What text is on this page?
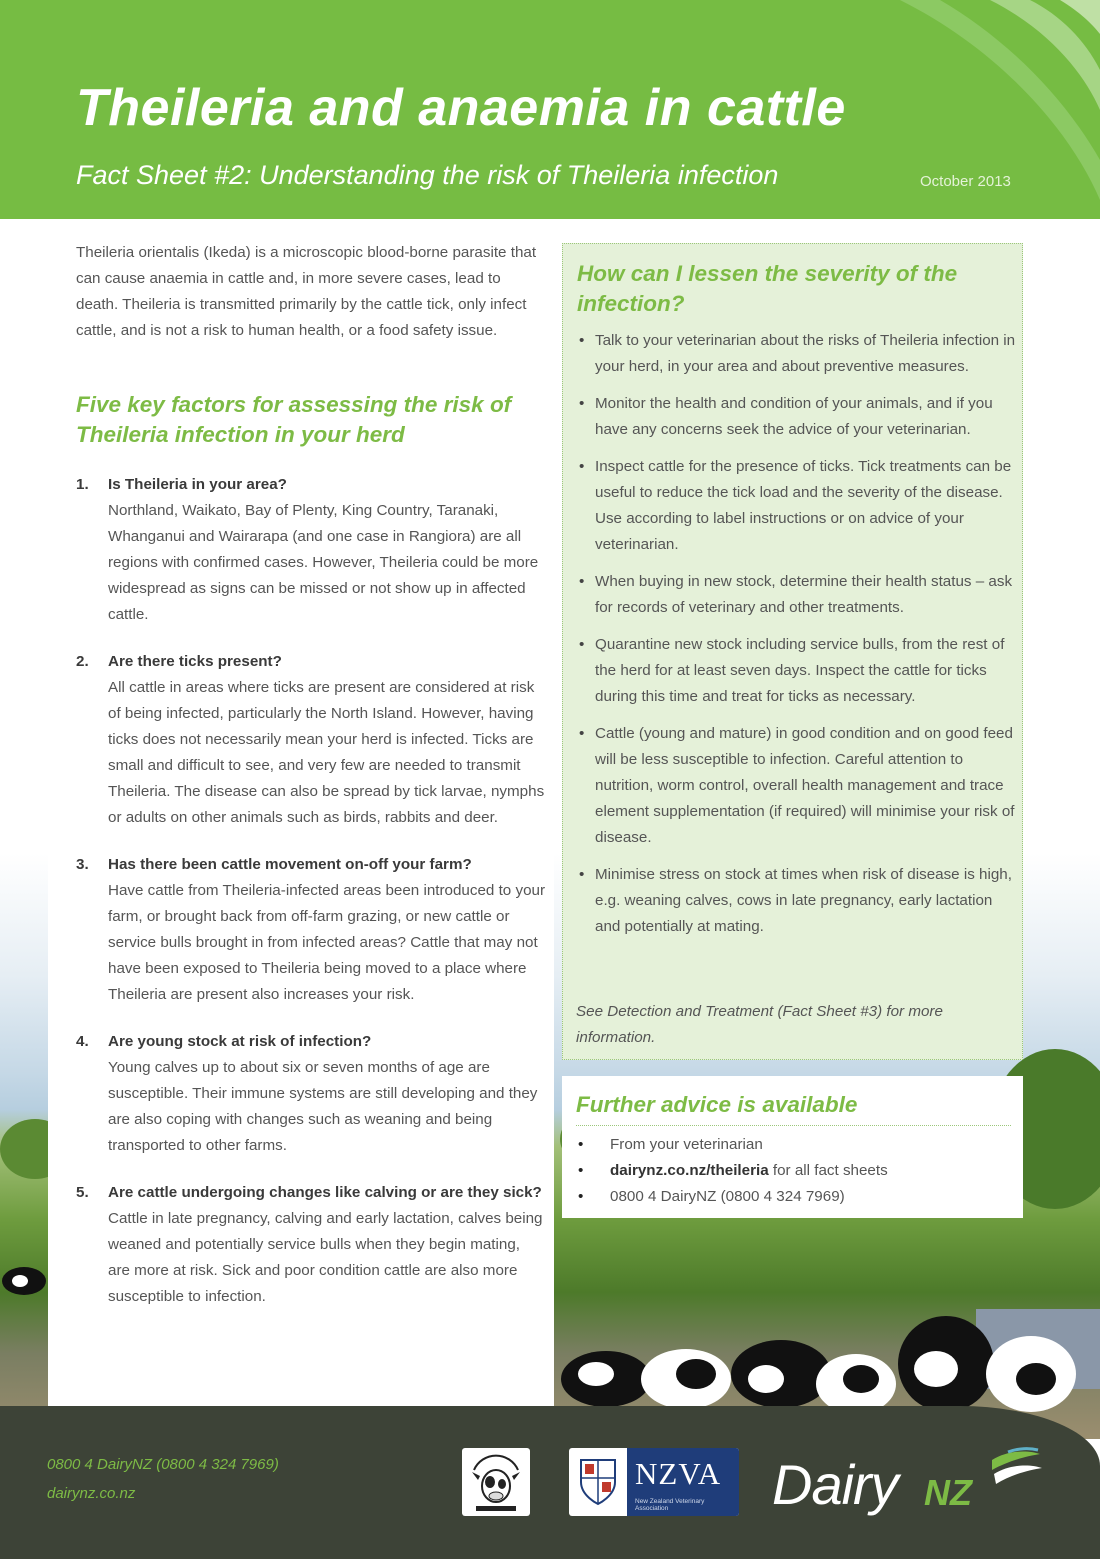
Theileria and anaemia in cattle
Fact Sheet #2: Understanding the risk of Theileria infection	October 2013

Theileria orientalis (Ikeda) is a microscopic blood-borne parasite that can cause anaemia in cattle and, in more severe cases, lead to death. Theileria is transmitted primarily by the cattle tick, only infect cattle, and is not a risk to human health, or a food safety issue.

Five key factors for assessing the risk of Theileria infection in your herd
1. Is Theileria in your area?
Northland, Waikato, Bay of Plenty, King Country, Taranaki, Whanganui and Wairarapa (and one case in Rangiora) are all regions with confirmed cases. However, Theileria could be more widespread as signs can be missed or not show up in affected cattle.
2. Are there ticks present?
All cattle in areas where ticks are present are considered at risk of being infected, particularly the North Island. However, having ticks does not necessarily mean your herd is infected. Ticks are small and difficult to see, and very few are needed to transmit Theileria. The disease can also be spread by tick larvae, nymphs or adults on other animals such as birds, rabbits and deer.
3. Has there been cattle movement on-off your farm?
Have cattle from Theileria-infected areas been introduced to your farm, or brought back from off-farm grazing, or new cattle or service bulls brought in from infected areas? Cattle that may not have been exposed to Theileria being moved to a place where Theileria are present also increases your risk.
4. Are young stock at risk of infection?
Young calves up to about six or seven months of age are susceptible. Their immune systems are still developing and they are also coping with changes such as weaning and being transported to other farms.
5. Are cattle undergoing changes like calving or are they sick?
Cattle in late pregnancy, calving and early lactation, calves being weaned and potentially service bulls when they begin mating, are more at risk. Sick and poor condition cattle are also more susceptible to infection.
How can I lessen the severity of the infection?
• Talk to your veterinarian about the risks of Theileria infection in your herd, in your area and about preventive measures.
• Monitor the health and condition of your animals, and if you have any concerns seek the advice of your veterinarian.
• Inspect cattle for the presence of ticks. Tick treatments can be useful to reduce the tick load and the severity of the disease. Use according to label instructions or on advice of your veterinarian.
• When buying in new stock, determine their health status – ask for records of veterinary and other treatments.
• Quarantine new stock including service bulls, from the rest of the herd for at least seven days. Inspect the cattle for ticks during this time and treat for ticks as necessary.
• Cattle (young and mature) in good condition and on good feed will be less susceptible to infection. Careful attention to nutrition, worm control, overall health management and trace element supplementation (if required) will minimise your risk of disease.
• Minimise stress on stock at times when risk of disease is high, e.g. weaning calves, cows in late pregnancy, early lactation and potentially at mating.

See Detection and Treatment (Fact Sheet #3) for more information.

Further advice is available
• From your veterinarian
• dairynz.co.nz/theileria for all fact sheets
• 0800 4 DairyNZ (0800 4 324 7969)
0800 4 DairyNZ (0800 4 324 7969)
dairynz.co.nz
NZVA
New Zealand Veterinary Association	Dairy NZ
